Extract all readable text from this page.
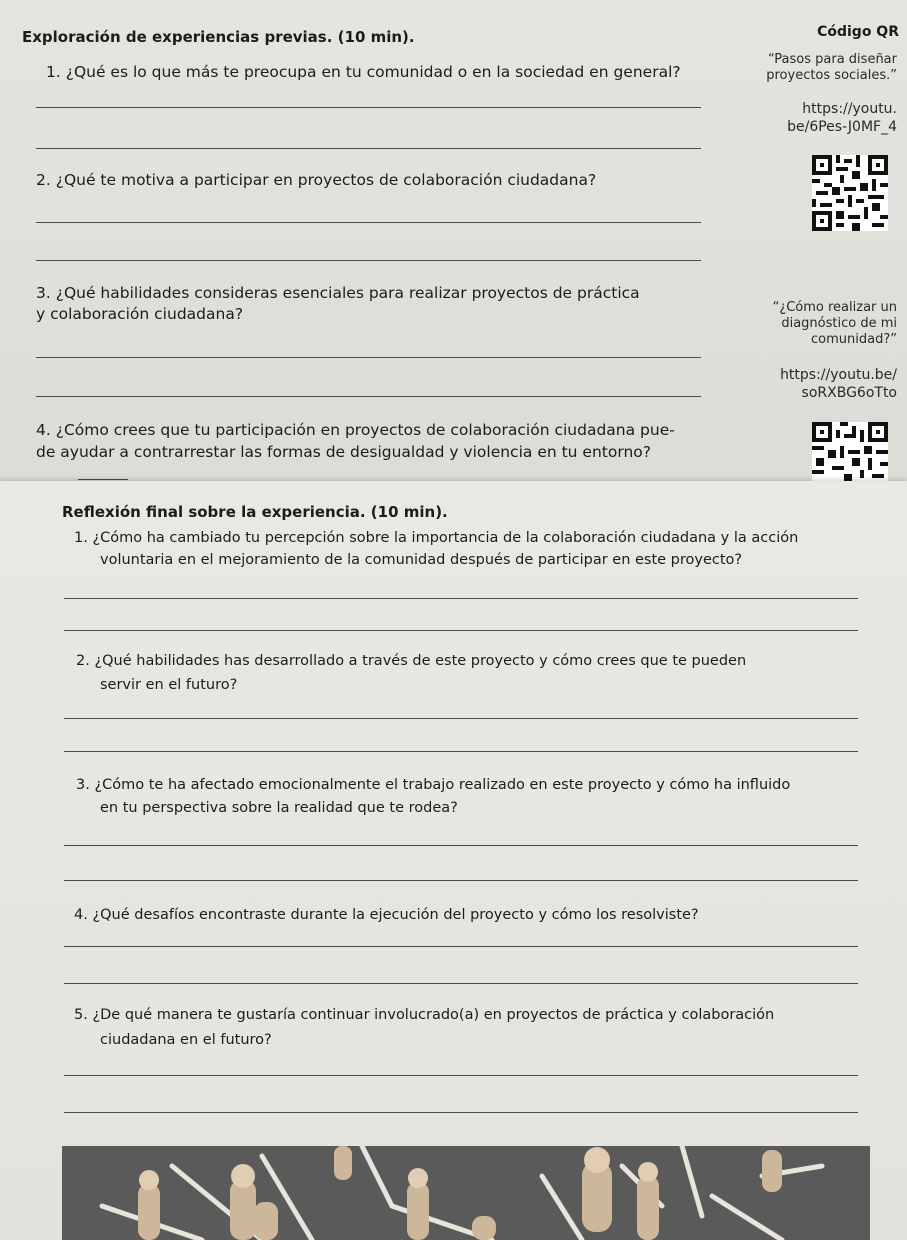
Exploración de experiencias previas. (10 min).
1. ¿Qué es lo que más te preocupa en tu comunidad o en la sociedad en general?
2. ¿Qué te motiva a participar en proyectos de colaboración ciudadana?
3. ¿Qué habilidades consideras esenciales para realizar proyectos de práctica
y colaboración ciudadana?
4. ¿Cómo crees que tu participación en proyectos de colaboración ciudadana pue-
de ayudar a contrarrestar las formas de desigualdad y violencia en tu entorno?
Código QR
“Pasos para diseñar
proyectos sociales.”
https://youtu.
be/6Pes-J0MF_4
“¿Cómo realizar un
diagnóstico de mi
comunidad?”
https://youtu.be/
soRXBG6oTto
Reflexión final sobre la experiencia. (10 min).
1. ¿Cómo ha cambiado tu percepción sobre la importancia de la colaboración ciudadana y la acción
voluntaria en el mejoramiento de la comunidad después de participar en este proyecto?
2. ¿Qué habilidades has desarrollado a través de este proyecto y cómo crees que te pueden
servir en el futuro?
3. ¿Cómo te ha afectado emocionalmente el trabajo realizado en este proyecto y cómo ha influido
en tu perspectiva sobre la realidad que te rodea?
4. ¿Qué desafíos encontraste durante la ejecución del proyecto y cómo los resolviste?
5. ¿De qué manera te gustaría continuar involucrado(a) en proyectos de práctica y colaboración
ciudadana en el futuro?
